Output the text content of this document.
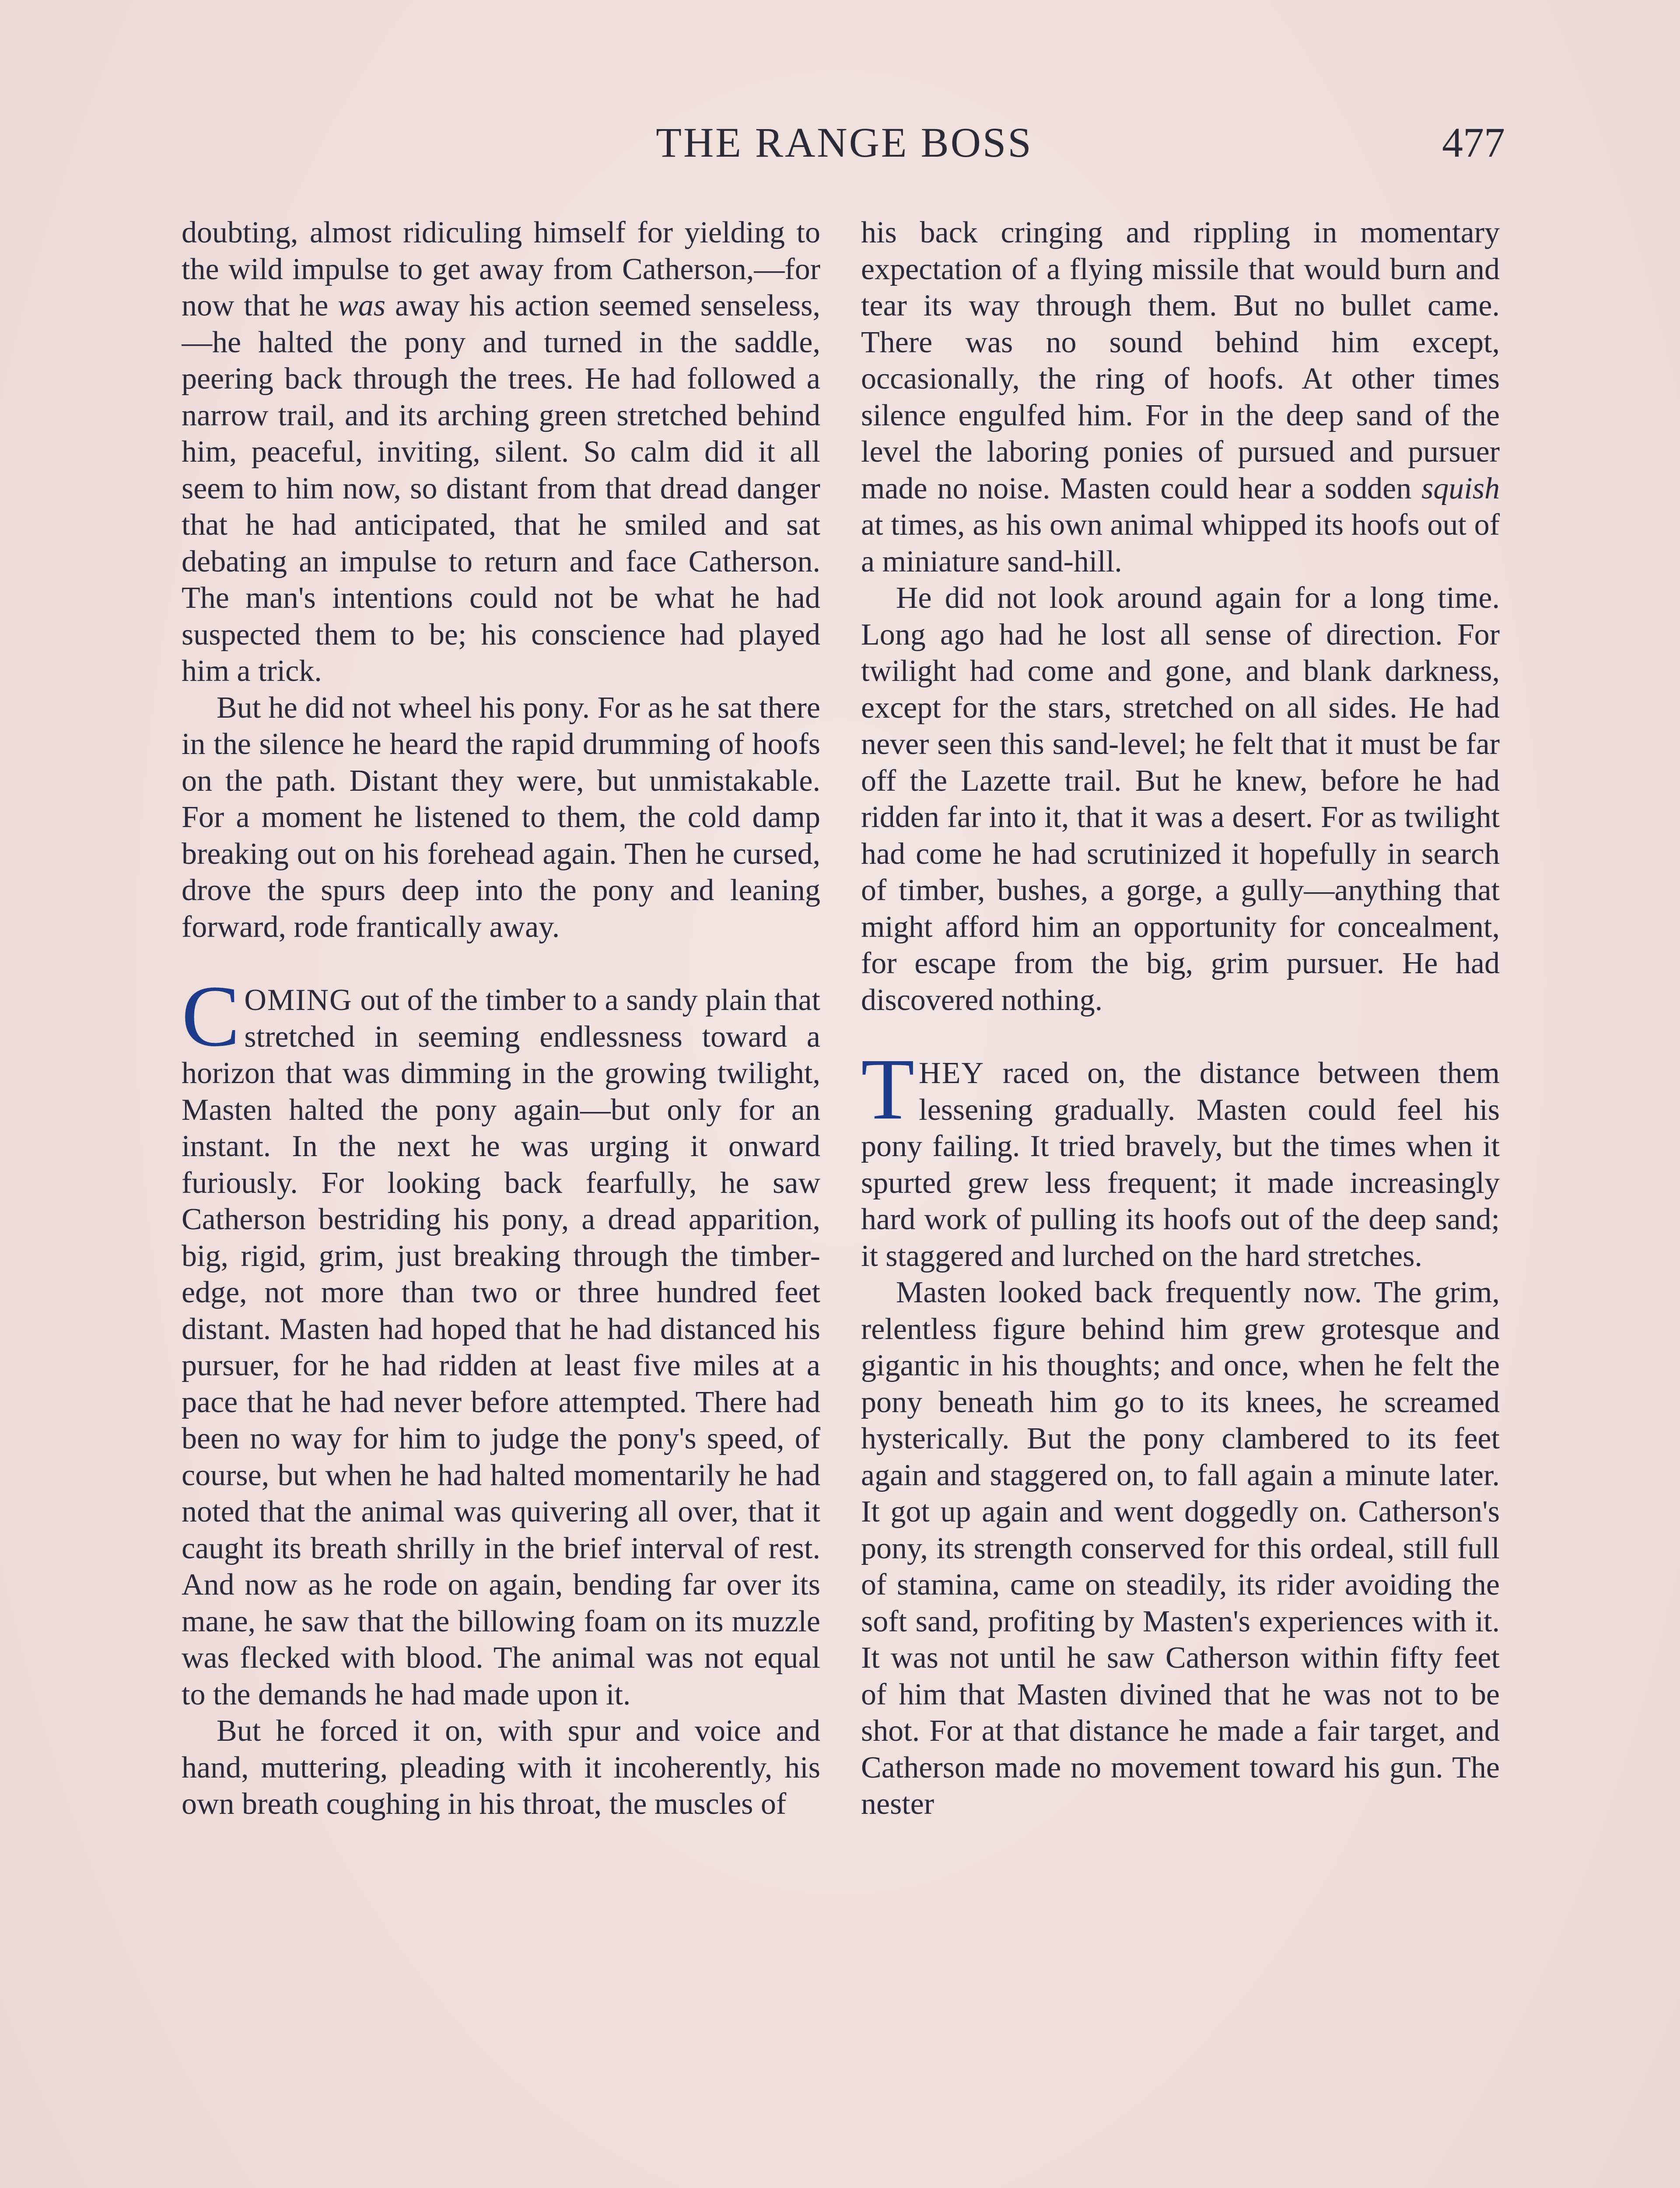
THE RANGE BOSS	477

doubting, almost ridiculing himself for yielding to the wild impulse to get away from Catherson,—for now that he was away his action seemed senseless,—he halted the pony and turned in the saddle, peering back through the trees. He had followed a narrow trail, and its arching green stretched behind him, peaceful, inviting, silent. So calm did it all seem to him now, so distant from that dread danger that he had anticipated, that he smiled and sat debating an impulse to return and face Catherson. The man's intentions could not be what he had suspected them to be; his conscience had played him a trick.

But he did not wheel his pony. For as he sat there in the silence he heard the rapid drumming of hoofs on the path. Distant they were, but unmistakable. For a moment he listened to them, the cold damp breaking out on his forehead again. Then he cursed, drove the spurs deep into the pony and leaning forward, rode frantically away.

COMING out of the timber to a sandy plain that stretched in seeming endlessness toward a horizon that was dimming in the growing twilight, Masten halted the pony again—but only for an instant. In the next he was urging it onward furiously. For looking back fearfully, he saw Catherson bestriding his pony, a dread apparition, big, rigid, grim, just breaking through the timber-edge, not more than two or three hundred feet distant. Masten had hoped that he had distanced his pursuer, for he had ridden at least five miles at a pace that he had never before attempted. There had been no way for him to judge the pony's speed, of course, but when he had halted momentarily he had noted that the animal was quivering all over, that it caught its breath shrilly in the brief interval of rest. And now as he rode on again, bending far over its mane, he saw that the billowing foam on its muzzle was flecked with blood. The animal was not equal to the demands he had made upon it.

But he forced it on, with spur and voice and hand, muttering, pleading with it incoherently, his own breath coughing in his throat, the muscles of

his back cringing and rippling in momentary expectation of a flying missile that would burn and tear its way through them. But no bullet came. There was no sound behind him except, occasionally, the ring of hoofs. At other times silence engulfed him. For in the deep sand of the level the laboring ponies of pursued and pursuer made no noise. Masten could hear a sodden squish at times, as his own animal whipped its hoofs out of a miniature sand-hill.

He did not look around again for a long time. Long ago had he lost all sense of direction. For twilight had come and gone, and blank darkness, except for the stars, stretched on all sides. He had never seen this sand-level; he felt that it must be far off the Lazette trail. But he knew, before he had ridden far into it, that it was a desert. For as twilight had come he had scrutinized it hopefully in search of timber, bushes, a gorge, a gully—anything that might afford him an opportunity for concealment, for escape from the big, grim pursuer. He had discovered nothing.

THEY raced on, the distance between them lessening gradually. Masten could feel his pony failing. It tried bravely, but the times when it spurted grew less frequent; it made increasingly hard work of pulling its hoofs out of the deep sand; it staggered and lurched on the hard stretches.

Masten looked back frequently now. The grim, relentless figure behind him grew grotesque and gigantic in his thoughts; and once, when he felt the pony beneath him go to its knees, he screamed hysterically. But the pony clambered to its feet again and staggered on, to fall again a minute later. It got up again and went doggedly on. Catherson's pony, its strength conserved for this ordeal, still full of stamina, came on steadily, its rider avoiding the soft sand, profiting by Masten's experiences with it. It was not until he saw Catherson within fifty feet of him that Masten divined that he was not to be shot. For at that distance he made a fair target, and Catherson made no movement toward his gun. The nester
